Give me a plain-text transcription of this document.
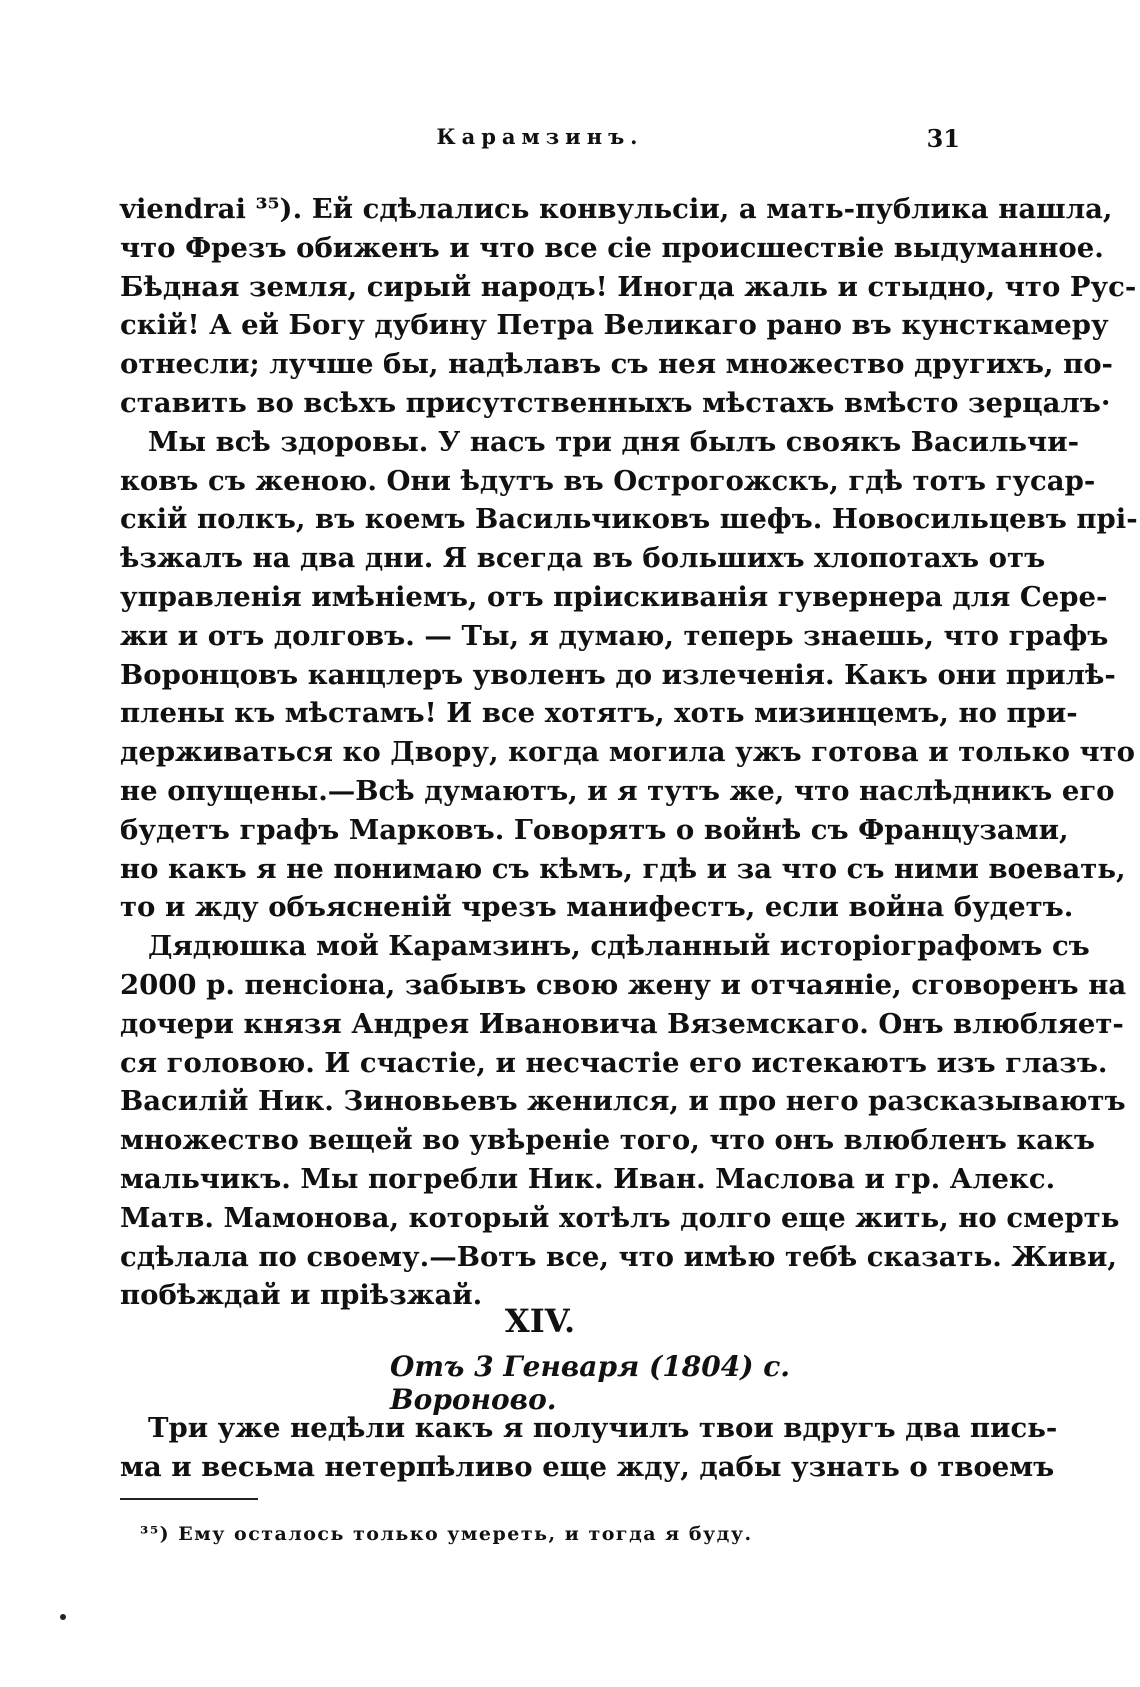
Карамзинъ.	31
viendrai ³⁵). Ей сдѣлались конвульсіи, а мать-публика нашла,
что Фрезъ обиженъ и что все сіе происшествіе выдуманное.
Бѣдная земля, сирый народъ! Иногда жаль и стыдно, что Рус-
скій! А ей Богу дубину Петра Великаго рано въ кунсткамеру
отнесли; лучше бы, надѣлавъ съ нея множество другихъ, по-
ставить во всѣхъ присутственныхъ мѣстахъ вмѣсто зерцалъ·
Мы всѣ здоровы. У насъ три дня былъ своякъ Васильчи-
ковъ съ женою. Они ѣдутъ въ Острогожскъ, гдѣ тотъ гусар-
скій полкъ, въ коемъ Васильчиковъ шефъ. Новосильцевъ прі-
ѣзжалъ на два дни. Я всегда въ большихъ хлопотахъ отъ
управленія имѣніемъ, отъ пріискиванія гувернера для Сере-
жи и отъ долговъ. — Ты, я думаю, теперь знаешь, что графъ
Воронцовъ канцлеръ уволенъ до излеченія. Какъ они прилѣ-
плены къ мѣстамъ! И все хотятъ, хоть мизинцемъ, но при-
держиваться ко Двору, когда могила ужъ готова и только что
не опущены.—Всѣ думаютъ, и я тутъ же, что наслѣдникъ его
будетъ графъ Марковъ. Говорятъ о войнѣ съ Французами,
но какъ я не понимаю съ кѣмъ, гдѣ и за что съ ними воевать,
то и жду объясненій чрезъ манифестъ, если война будетъ.
Дядюшка мой Карамзинъ, сдѣланный исторіографомъ съ
2000 р. пенсіона, забывъ свою жену и отчаяніе, сговоренъ на
дочери князя Андрея Ивановича Вяземскаго. Онъ влюбляет-
ся головою. И счастіе, и несчастіе его истекаютъ изъ глазъ.
Василій Ник. Зиновьевъ женился, и про него разсказываютъ
множество вещей во увѣреніе того, что онъ влюбленъ какъ
мальчикъ. Мы погребли Ник. Иван. Маслова и гр. Алекс.
Матв. Мамонова, который хотѣлъ долго еще жить, но смерть
сдѣлала по своему.—Вотъ все, что имѣю тебѣ сказать. Живи,
побѣждай и пріѣзжай.
XIV.
Отъ 3 Генваря (1804) с. Вороново.
Три уже недѣли какъ я получилъ твои вдругъ два пись-
ма и весьма нетерпѣливо еще жду, дабы узнать о твоемъ
³⁵) Ему осталось только умереть, и тогда я буду.
